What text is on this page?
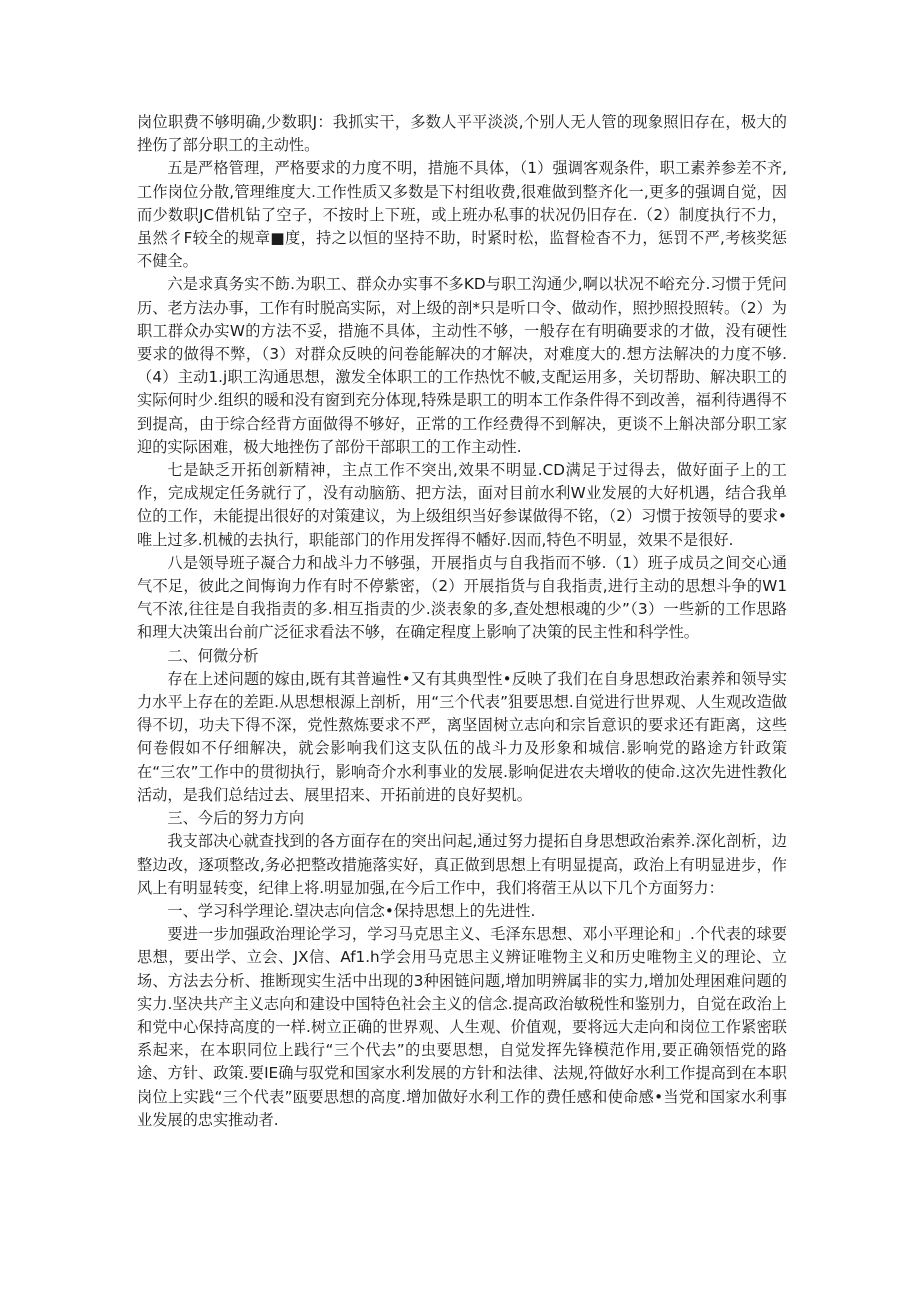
岗位职费不够明确,少数职J：我抓实干，多数人平平淡淡,个别人无人管的现象照旧存在，极大的挫伤了部分职工的主动性。

五是严格管理，严格要求的力度不明，措施不具体，（1）强调客观条件，职工素养参差不齐,工作岗位分散,管理维度大.工作性质又多数是下村组收费,很难做到整齐化一,更多的强调自觉，因而少数职JC借机钻了空子，不按时上下班，或上班办私事的状况仍旧存在.（2）制度执行不力，虽然彳F较全的规章■度，持之以恒的坚持不助，时紧时松，监督检杳不力，惩罚不严,考核奖惩不健全。

六是求真务实不飭.为职工、群众办实事不多KD与职工沟通少,啊以状况不峪充分.习惯于凭问历、老方法办事，工作有时脱高实际，对上级的剖*只是听口令、做动作，照抄照投照转。（2）为职工群众办实W的方法不妥，措施不具体，主动性不够，一般存在有明确要求的才做，没有硬性要求的做得不弊，（3）对群众反映的问卷能解决的才解决，对难度大的.想方法解决的力度不够.（4）主动1.j职工沟通思想，激发全体职工的工作热忱不帔,支配运用多，关切帮助、解决职工的实际何时少.组织的暖和没有窗到充分体现,特殊是职工的明本工作条件得不到改善，福利待遇得不到提高，由于综合经背方面做得不够好，正常的工作经费得不到解决，更谈不上斛决部分职工家迎的实际困难，极大地挫伤了部份干部职工的工作主动性.

七是缺乏开拓创新精神，主点工作不突出,效果不明显.CD满足于过得去，做好面子上的工作，完成规定任务就行了，没有动脑筋、把方法，面对目前水利W业发展的大好机遇，结合我单位的工作，未能提出很好的对策建议，为上级组织当好参谋做得不铭，（2）习惯于按领导的要求•唯上过多.机械的去执行，职能部门的作用发挥得不幡好.因而,特色不明显，效果不是很好.

八是领导班子凝合力和战斗力不够强，开展指贞与自我指而不够.（1）班子成员之间交心通气不足，彼此之间悔询力作有时不停紫密，（2）开展指货与自我指责,进行主动的思想斗争的W1气不浓,往往是自我指责的多.相互指责的少.淡表象的多,查处想根魂的少”（3）一些新的工作思路和理大决策出台前广泛征求看法不够，在确定程度上影响了决策的民主性和科学性。

二、何微分析

存在上述问题的嫁由,既有其普遍性•又有其典型性•反映了我们在自身思想政治素养和领导实力水平上存在的差距.从思想根源上剖析，用“三个代表”狙要思想.自觉进行世界观、人生观改造做得不切，功夫下得不深，党性熬炼要求不严，离坚固树立志向和宗旨意识的要求还有距离，这些何卷假如不仔细解决，就会影响我们这支队伍的战斗力及形象和城信.影响党的路途方针政策在“三农”工作中的贯彻执行，影响奇介水利事业的发展.影响促进农夫增收的使命.这次先进性教化活动，是我们总结过去、展里招来、开拓前进的良好契机。

三、今后的努力方向

我支部决心就查找到的各方面存在的突出问起,通过努力提拓自身思想政治索养.深化剖析，边整边改，逐项整改,务必把整改措施落实好，真正做到思想上有明显提高，政治上有明显进步，作风上有明显转变，纪律上将.明显加强,在今后工作中，我们将蓿王从以下几个方面努力：

一、学习科学理论.望决志向信念•保持思想上的先进性.

要进一步加强政治理论学习，学习马克思主义、毛泽东思想、邓小平理论和」.个代表的球要思想，要出学、立会、JX信、Af1.h学会用马克思主义辨证唯物主义和历史唯物主义的理论、立场、方法去分析、推断现实生活中出现的3种困链问题,增加明辨属非的实力,增加处理困难问题的实力.坚决共产主义志向和建设中国特色社会主义的信念.提高政治敏税性和鉴别力，自觉在政治上和党中心保持高度的一样.树立正确的世界观、人生观、价值观，要将远大走向和岗位工作紧密联系起来，在本职同位上践行“三个代去”的虫要思想，自觉发挥先锋模范作用,要正确领悟党的路途、方针、政策.要IE确与驭党和国家水利发展的方针和法律、法规,符做好水利工作提高到在本职岗位上实践“三个代表”瓯要思想的高度.增加做好水利工作的费任感和使命感•当党和国家水利事业发展的忠实推动者.
